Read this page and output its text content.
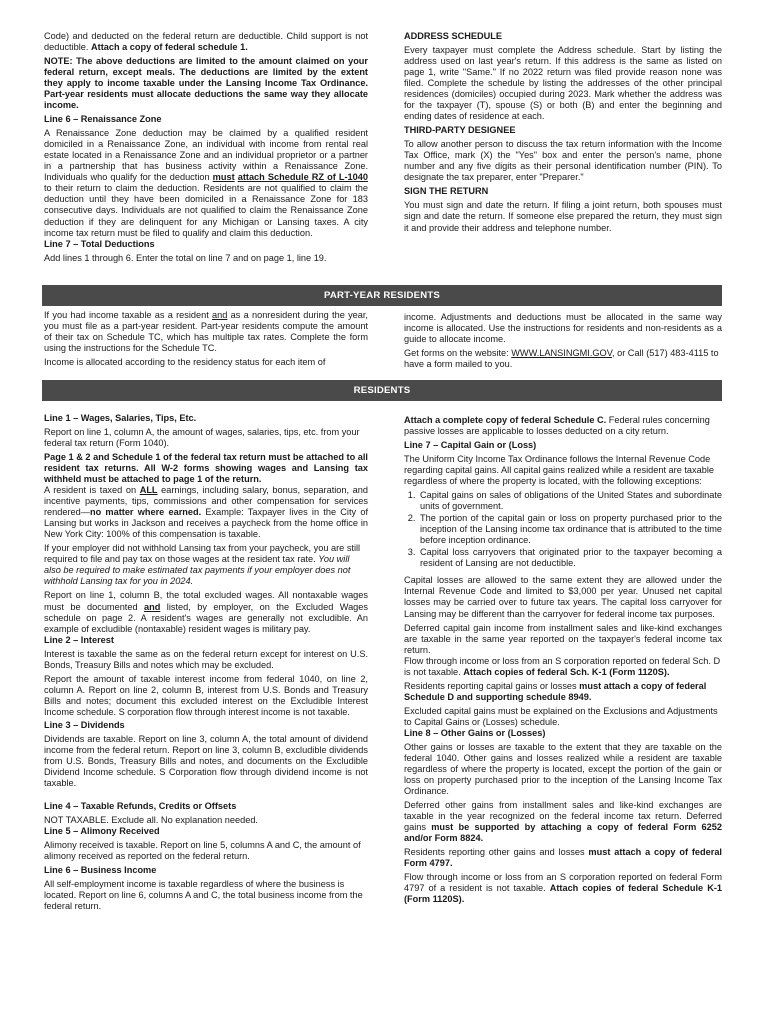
Code) and deducted on the federal return are deductible. Child support is not deductible. Attach a copy of federal schedule 1.

NOTE: The above deductions are limited to the amount claimed on your federal return, except meals. The deductions are limited by the extent they apply to income taxable under the Lansing Income Tax Ordinance. Part-year residents must allocate deductions the same way they allocate income.

Line 6 – Renaissance Zone

A Renaissance Zone deduction may be claimed by a qualified resident domiciled in a Renaissance Zone, an individual with income from rental real estate located in a Renaissance Zone and an individual proprietor or a partner in a partnership that has business activity within a Renaissance Zone. Individuals who qualify for the deduction must attach Schedule RZ of L-1040 to their return to claim the deduction. Residents are not qualified to claim the deduction until they have been domiciled in a Renaissance Zone for 183 consecutive days. Individuals are not qualified to claim the Renaissance Zone deduction if they are delinquent for any Michigan or Lansing taxes. A city income tax return must be filed to qualify and claim this deduction.

Line 7 – Total Deductions

Add lines 1 through 6. Enter the total on line 7 and on page 1, line 19.

ADDRESS SCHEDULE

Every taxpayer must complete the Address schedule. Start by listing the address used on last year's return. If this address is the same as listed on page 1, write "Same." If no 2022 return was filed provide reason none was filed. Complete the schedule by listing the addresses of the other principal residences (domiciles) occupied during 2023. Mark whether the address was for the taxpayer (T), spouse (S) or both (B) and enter the beginning and ending dates of residence at each.

THIRD-PARTY DESIGNEE

To allow another person to discuss the tax return information with the Income Tax Office, mark (X) the "Yes" box and enter the person's name, phone number and any five digits as their personal identification number (PIN). To designate the tax preparer, enter "Preparer."

SIGN THE RETURN

You must sign and date the return. If filing a joint return, both spouses must sign and date the return. If someone else prepared the return, they must sign it and provide their address and telephone number.

PART-YEAR RESIDENTS

If you had income taxable as a resident and as a nonresident during the year, you must file as a part-year resident. Part-year residents compute the amount of their tax on Schedule TC, which has multiple tax rates. Complete the form using the instructions for the Schedule TC.

Income is allocated according to the residency status for each item of

income. Adjustments and deductions must be allocated in the same way income is allocated. Use the instructions for residents and non-residents as a guide to allocate income.

Get forms on the website: WWW.LANSINGMI.GOV, or Call (517) 483-4115 to have a form mailed to you.

RESIDENTS

Line 1 – Wages, Salaries, Tips, Etc.

Report on line 1, column A, the amount of wages, salaries, tips, etc. from your federal tax return (Form 1040).

Page 1 & 2 and Schedule 1 of the federal tax return must be attached to all resident tax returns. All W-2 forms showing wages and Lansing tax withheld must be attached to page 1 of the return.

A resident is taxed on ALL earnings, including salary, bonus, separation, and incentive payments, tips, commissions and other compensation for services rendered—no matter where earned. Example: Taxpayer lives in the City of Lansing but works in Jackson and receives a paycheck from the home office in New York City: 100% of this compensation is taxable.

If your employer did not withhold Lansing tax from your paycheck, you are still required to file and pay tax on those wages at the resident tax rate. You will also be required to make estimated tax payments if your employer does not withhold Lansing tax for you in 2024.

Report on line 1, column B, the total excluded wages. All nontaxable wages must be documented and listed, by employer, on the Excluded Wages schedule on page 2. A resident's wages are generally not excludible. An example of excludible (nontaxable) resident wages is military pay.

Line 2 – Interest

Interest is taxable the same as on the federal return except for interest on U.S. Bonds, Treasury Bills and notes which may be excluded.

Report the amount of taxable interest income from federal 1040, on line 2, column A. Report on line 2, column B, interest from U.S. Bonds and Treasury Bills and notes; document this excluded interest on the Excludible Interest Income schedule. S corporation flow through interest income is not taxable.

Line 3 – Dividends

Dividends are taxable. Report on line 3, column A, the total amount of dividend income from the federal return. Report on line 3, column B, excludible dividends from U.S. Bonds, Treasury Bills and notes, and documents on the Excludible Dividend Income schedule. S Corporation flow through dividend income is not taxable.

Line 4 – Taxable Refunds, Credits or Offsets

NOT TAXABLE. Exclude all. No explanation needed.

Line 5 – Alimony Received

Alimony received is taxable. Report on line 5, columns A and C, the amount of alimony received as reported on the federal return.

Line 6 – Business Income

All self-employment income is taxable regardless of where the business is located. Report on line 6, columns A and C, the total business income from the federal return.

Attach a complete copy of federal Schedule C. Federal rules concerning passive losses are applicable to losses deducted on a city return.

Line 7 – Capital Gain or (Loss)

The Uniform City Income Tax Ordinance follows the Internal Revenue Code regarding capital gains. All capital gains realized while a resident are taxable regardless of where the property is located, with the following exceptions:

1. Capital gains on sales of obligations of the United States and subordinate units of government.
2. The portion of the capital gain or loss on property purchased prior to the inception of the Lansing income tax ordinance that is attributed to the time before inception ordinance.
3. Capital loss carryovers that originated prior to the taxpayer becoming a resident of Lansing are not deductible.

Capital losses are allowed to the same extent they are allowed under the Internal Revenue Code and limited to $3,000 per year. Unused net capital losses may be carried over to future tax years. The capital loss carryover for Lansing may be different than the carryover for federal income tax purposes.

Deferred capital gain income from installment sales and like-kind exchanges are taxable in the same year reported on the taxpayer's federal income tax return.

Flow through income or loss from an S corporation reported on federal Sch. D is not taxable. Attach copies of federal Sch. K-1 (Form 1120S).

Residents reporting capital gains or losses must attach a copy of federal Schedule D and supporting schedule 8949.

Excluded capital gains must be explained on the Exclusions and Adjustments to Capital Gains or (Losses) schedule.

Line 8 – Other Gains or (Losses)

Other gains or losses are taxable to the extent that they are taxable on the federal 1040. Other gains and losses realized while a resident are taxable regardless of where the property is located, except the portion of the gain or loss on property purchased prior to the inception of the Lansing Income Tax Ordinance.

Deferred other gains from installment sales and like-kind exchanges are taxable in the year recognized on the federal income tax return. Deferred gains must be supported by attaching a copy of federal Form 6252 and/or Form 8824.

Residents reporting other gains and losses must attach a copy of federal Form 4797.

Flow through income or loss from an S corporation reported on federal Form 4797 of a resident is not taxable. Attach copies of federal Schedule K-1 (Form 1120S).
